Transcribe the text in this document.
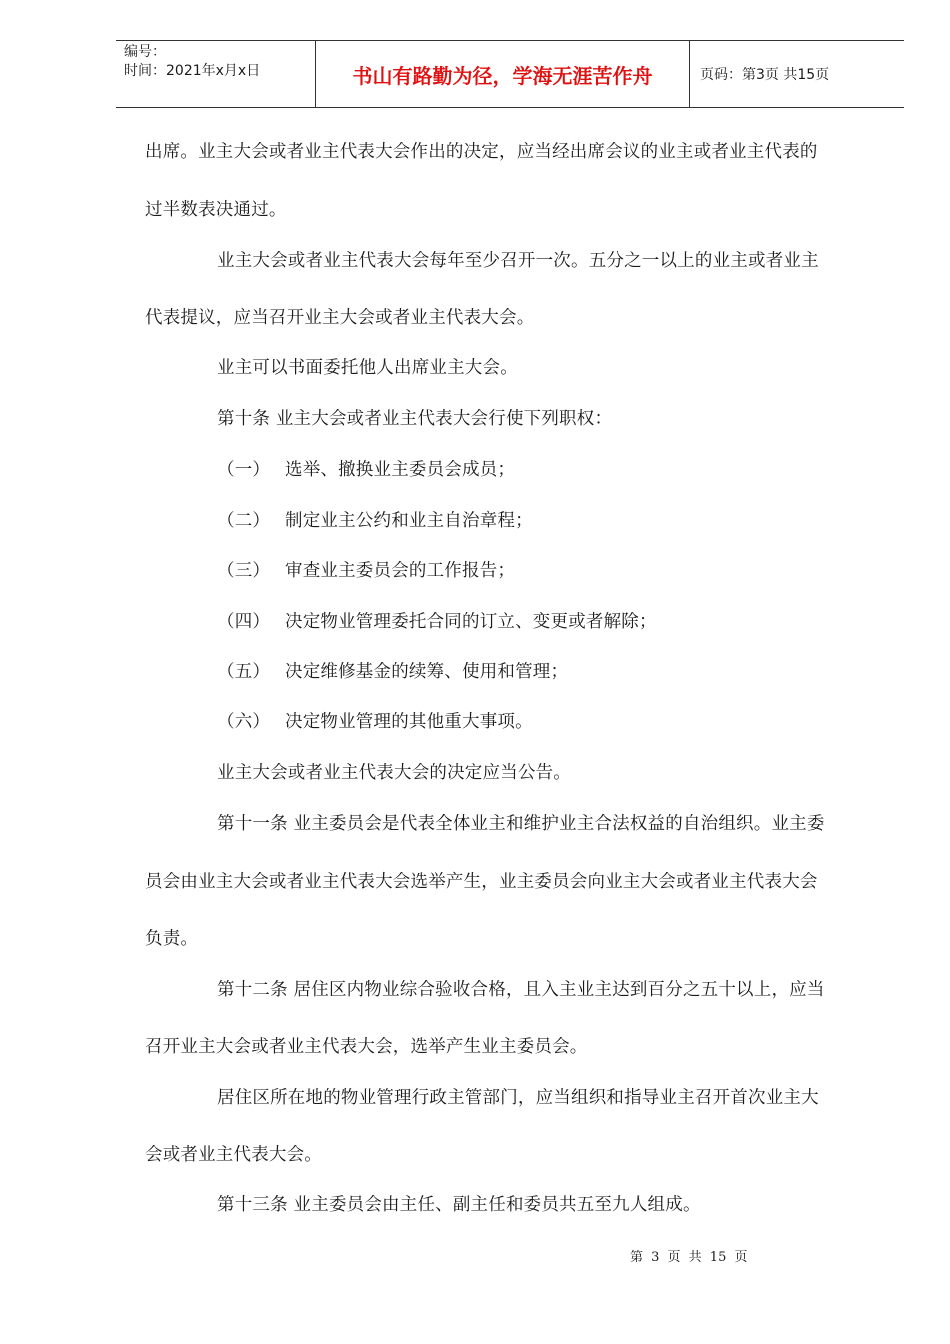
编号：
时间：2021年x月x日	书山有路勤为径，学海无涯苦作舟	页码：第3页 共15页
出席。业主大会或者业主代表大会作出的决定，应当经出席会议的业主或者业主代表的
过半数表决通过。
业主大会或者业主代表大会每年至少召开一次。五分之一以上的业主或者业主
代表提议，应当召开业主大会或者业主代表大会。
业主可以书面委托他人出席业主大会。
第十条 业主大会或者业主代表大会行使下列职权：
（一） 选举、撤换业主委员会成员；
（二） 制定业主公约和业主自治章程；
（三） 审查业主委员会的工作报告；
（四） 决定物业管理委托合同的订立、变更或者解除；
（五） 决定维修基金的续筹、使用和管理；
（六） 决定物业管理的其他重大事项。
业主大会或者业主代表大会的决定应当公告。
第十一条 业主委员会是代表全体业主和维护业主合法权益的自治组织。业主委
员会由业主大会或者业主代表大会选举产生，业主委员会向业主大会或者业主代表大会
负责。
第十二条 居住区内物业综合验收合格，且入主业主达到百分之五十以上，应当
召开业主大会或者业主代表大会，选举产生业主委员会。
居住区所在地的物业管理行政主管部门，应当组织和指导业主召开首次业主大
会或者业主代表大会。
第十三条 业主委员会由主任、副主任和委员共五至九人组成。
第 3 页 共 15 页
